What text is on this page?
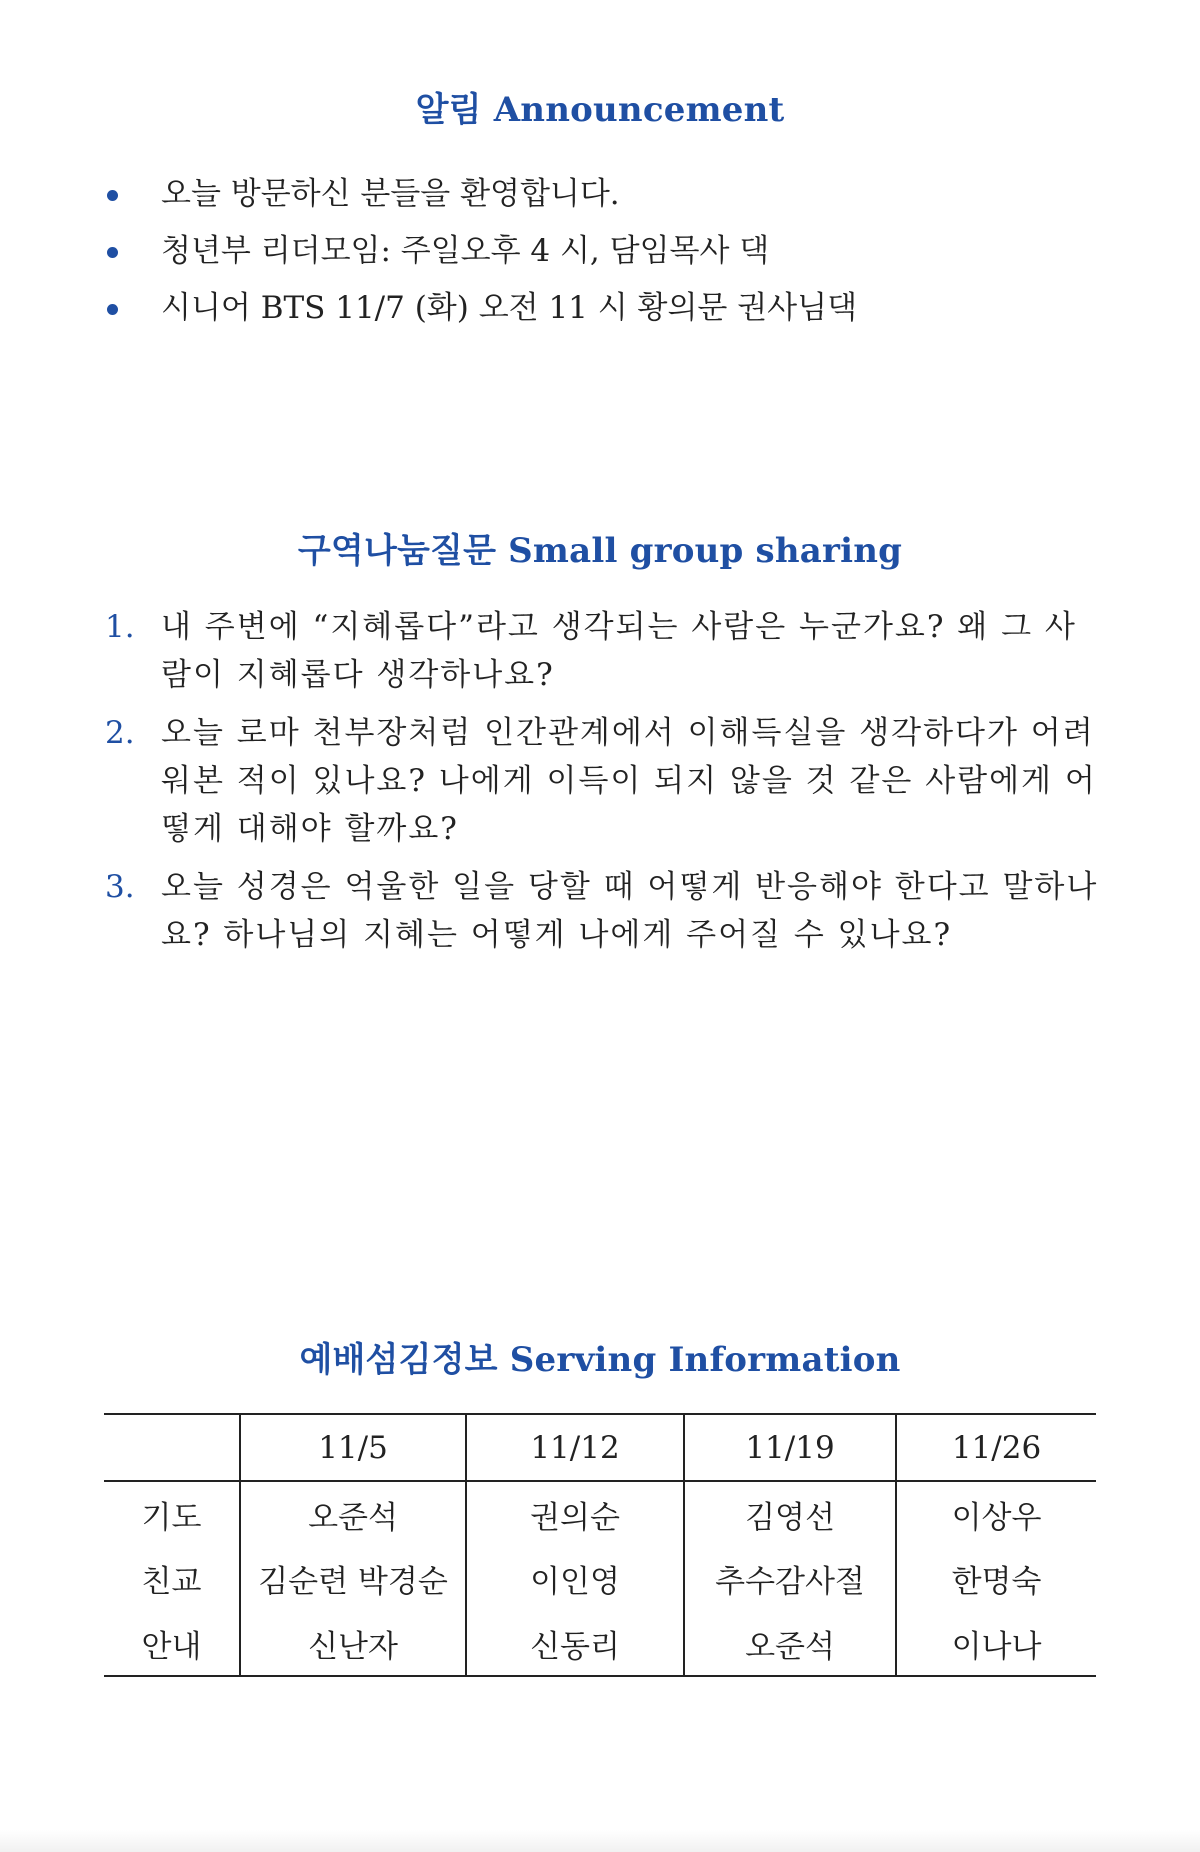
알림 Announcement
오늘 방문하신 분들을 환영합니다.
청년부 리더모임: 주일오후 4 시, 담임목사 댁
시니어 BTS 11/7 (화) 오전 11 시 황의문 권사님댁
구역나눔질문 Small group sharing
1. 내 주변에 “지혜롭다”라고 생각되는 사람은 누군가요? 왜 그 사람이 지혜롭다 생각하나요?
2. 오늘 로마 천부장처럼 인간관계에서 이해득실을 생각하다가 어려워본 적이 있나요? 나에게 이득이 되지 않을 것 같은 사람에게 어떻게 대해야 할까요?
3. 오늘 성경은 억울한 일을 당할 때 어떻게 반응해야 한다고 말하나요? 하나님의 지혜는 어떻게 나에게 주어질 수 있나요?
예배섬김정보 Serving Information
	11/5	11/12	11/19	11/26
기도	오준석	권의순	김영선	이상우
친교	김순련 박경순	이인영	추수감사절	한명숙
안내	신난자	신동리	오준석	이나나
